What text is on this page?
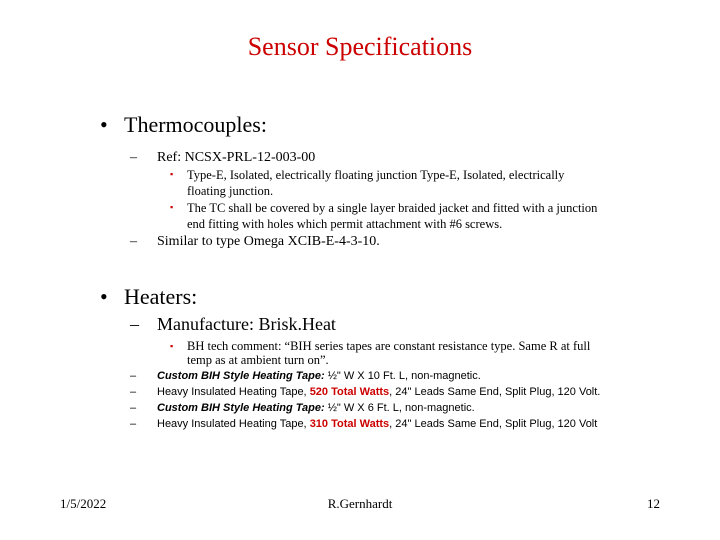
Sensor Specifications
• Thermocouples:
– Ref: NCSX-PRL-12-003-00
▪ Type-E, Isolated, electrically floating junction Type-E, Isolated, electrically
floating junction.
▪ The TC shall be covered by a single layer braided jacket and fitted with a junction
end fitting with holes which permit attachment with #6 screws.
– Similar to type Omega XCIB-E-4-3-10.
• Heaters:
– Manufacture: Brisk.Heat
▪ BH tech comment: “BIH series tapes are constant resistance type. Same R at full
temp as at ambient turn on”.
– Custom BIH Style Heating Tape: ½" W X 10 Ft. L, non-magnetic.
– Heavy Insulated Heating Tape, 520 Total Watts, 24" Leads Same End, Split Plug, 120 Volt.
– Custom BIH Style Heating Tape: ½" W X 6 Ft. L, non-magnetic.
– Heavy Insulated Heating Tape, 310 Total Watts, 24" Leads Same End, Split Plug, 120 Volt
1/5/2022	R.Gernhardt	12
